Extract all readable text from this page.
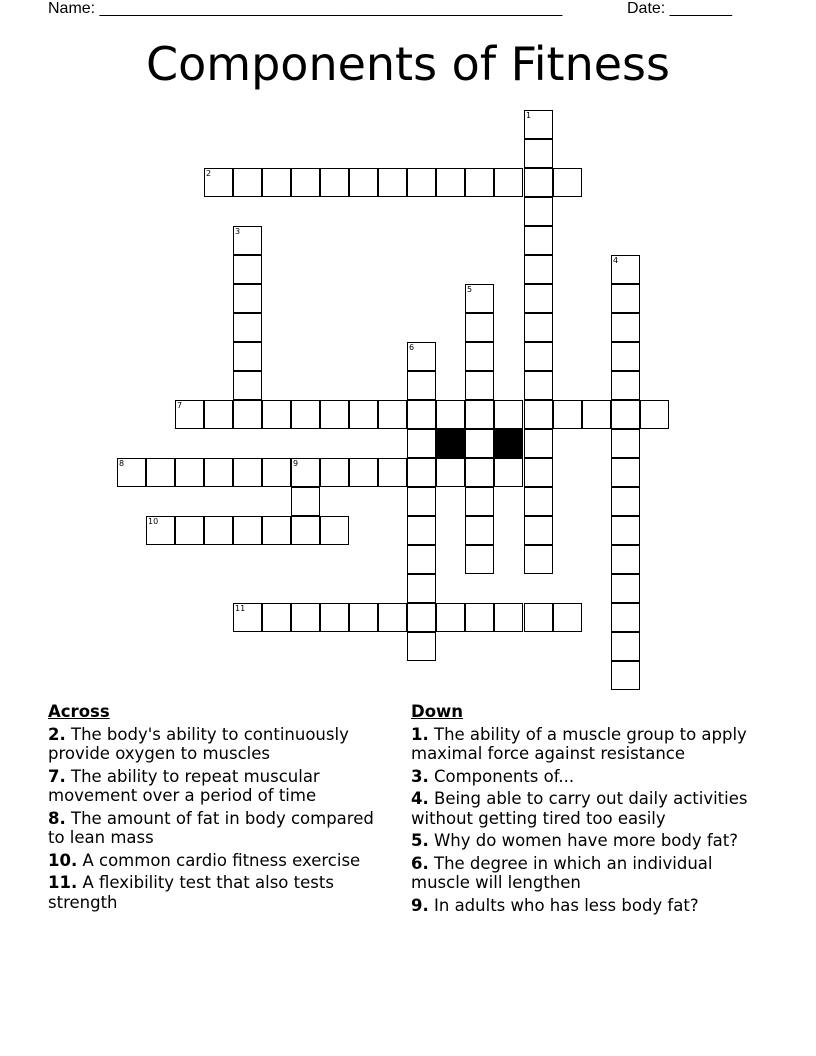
Name: ____________________________________________________	Date: _______
Components of Fitness
1
2
3
4
5
6
7
8	9
10
11
Across
2. The body's ability to continuously provide oxygen to muscles
7. The ability to repeat muscular movement over a period of time
8. The amount of fat in body compared to lean mass
10. A common cardio fitness exercise
11. A flexibility test that also tests strength
Down
1. The ability of a muscle group to apply maximal force against resistance
3. Components of...
4. Being able to carry out daily activities without getting tired too easily
5. Why do women have more body fat?
6. The degree in which an individual muscle will lengthen
9. In adults who has less body fat?
